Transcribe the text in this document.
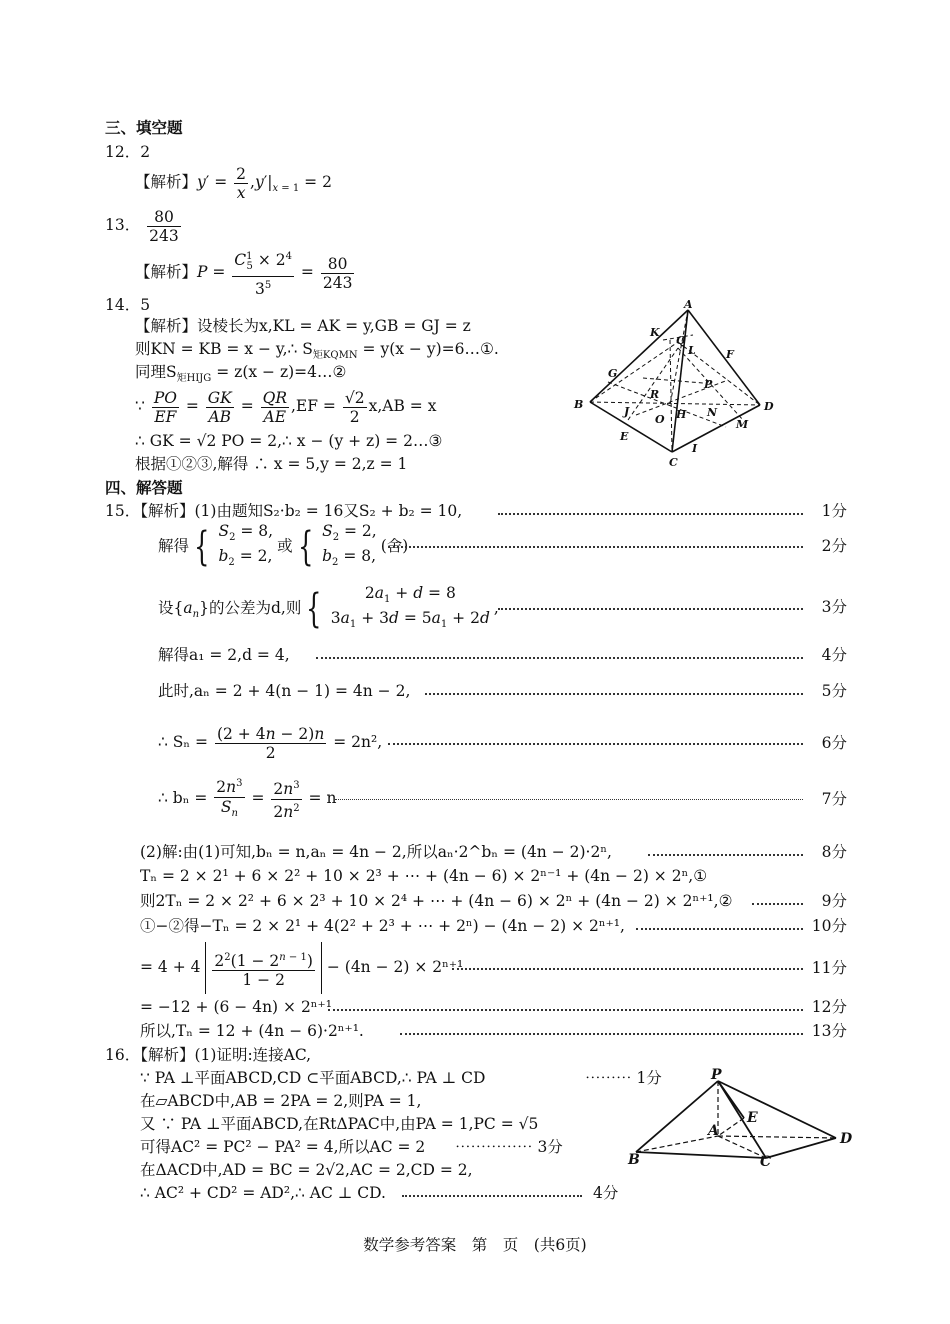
三、填空题
12．2
【解析】$y' = \frac{2}{x} ,y'|_{x = 1} = 2$
13． $\frac{80}{243}$
【解析】$P = \frac{C^1_5 \times 2^4}{3^5} = \frac{80}{243}$
14．5
【解析】设棱长为x,KL = AK = y,GB = GJ = z
则KN = KB = x − y,∴ $S_{矩KQMN} = y(x$ − y)=6…①.
同理$S_{矩HIJG} = z(x$ − z)=4…②
∵ $\frac{PO}{EF} = \frac{GK}{AB} = \frac{QR}{AE} ,EF = \frac{√2}{2} x,AB = x$
∴ GK = √2 PO = 2,∴ x − (y + z) = 2…③
根据①②③,解得 ∴ x = 5,y = 2,z = 1
A
K
Q
L	F
G
P
R
B
J	H N	D
O
E
M
I
C
四、解答题
15．【解析】(1)由题知S₂·b₂ = 16又S₂ + b₂ = 10,	1分
解得 { $S_2 = 8$,
$b_2 = 2$,
或 { $S_2 = 2$,
$b_2 = 8$,
(舍)	2分
设$\{a_n\}$的公差为d,则 {	$2a_1 + d = 8$
$3a_1 + 3d = 5a_1 + 2d$
,	3分
解得a₁ = 2,d = 4,	4分
此时,aₙ = 2 + 4(n − 1) = 4n − 2,	5分
∴ $S_n = \frac{(2 + 4n - 2)n}{2} = 2n^2$,	6分
∴ $b_n = \frac{2n^3}{S_n} = \frac{2n^3}{2n^2} = n$	7分
(2)解:由(1)可知,bₙ = n,aₙ = 4n − 2,所以aₙ·2^bₙ = (4n − 2)·2ⁿ,	8分
Tₙ = 2 × 2¹ + 6 × 2² + 10 × 2³ + ⋯ + (4n − 6) × 2ⁿ⁻¹ + (4n − 2) × 2ⁿ,①
则2Tₙ = 2 × 2² + 6 × 2³ + 10 × 2⁴ + ⋯ + (4n − 6) × 2ⁿ + (4n − 2) × 2ⁿ⁺¹,②	9分
①−②得−Tₙ = 2 × 2¹ + 4(2² + 2³ + ⋯ + 2ⁿ) − (4n − 2) × 2ⁿ⁺¹,	10分
= $4 + 4 \frac{2^2(1 - 2^{n - 1})}{1 - 2} - (4n - 2) \times 2^{n+1}$	11分
= −12 + (6 − 4n) × 2ⁿ⁺¹	12分
所以,Tₙ = 12 + (4n − 6)·2ⁿ⁺¹.	13分
16．【解析】(1)证明:连接AC,
∵ PA ⊥平面ABCD,CD ⊂平面ABCD,∴ PA ⊥ CD	⋯⋯⋯ 1分
在▱ABCD中,AB = 2PA = 2,则PA = 1,
又 ∵ PA ⊥平面ABCD,在RtΔPAC中,由PA = 1,PC = √5
可得AC² = PC² − PA² = 4,所以AC = 2 ⋯⋯⋯⋯⋯ 3分
在ΔACD中,AD = BC = 2√2,AC = 2,CD = 2,
∴ AC² + CD² = AD²,∴ AC ⊥ CD.	4分
P
E
A	D
B	C
数学参考答案　第　页　(共6页)
